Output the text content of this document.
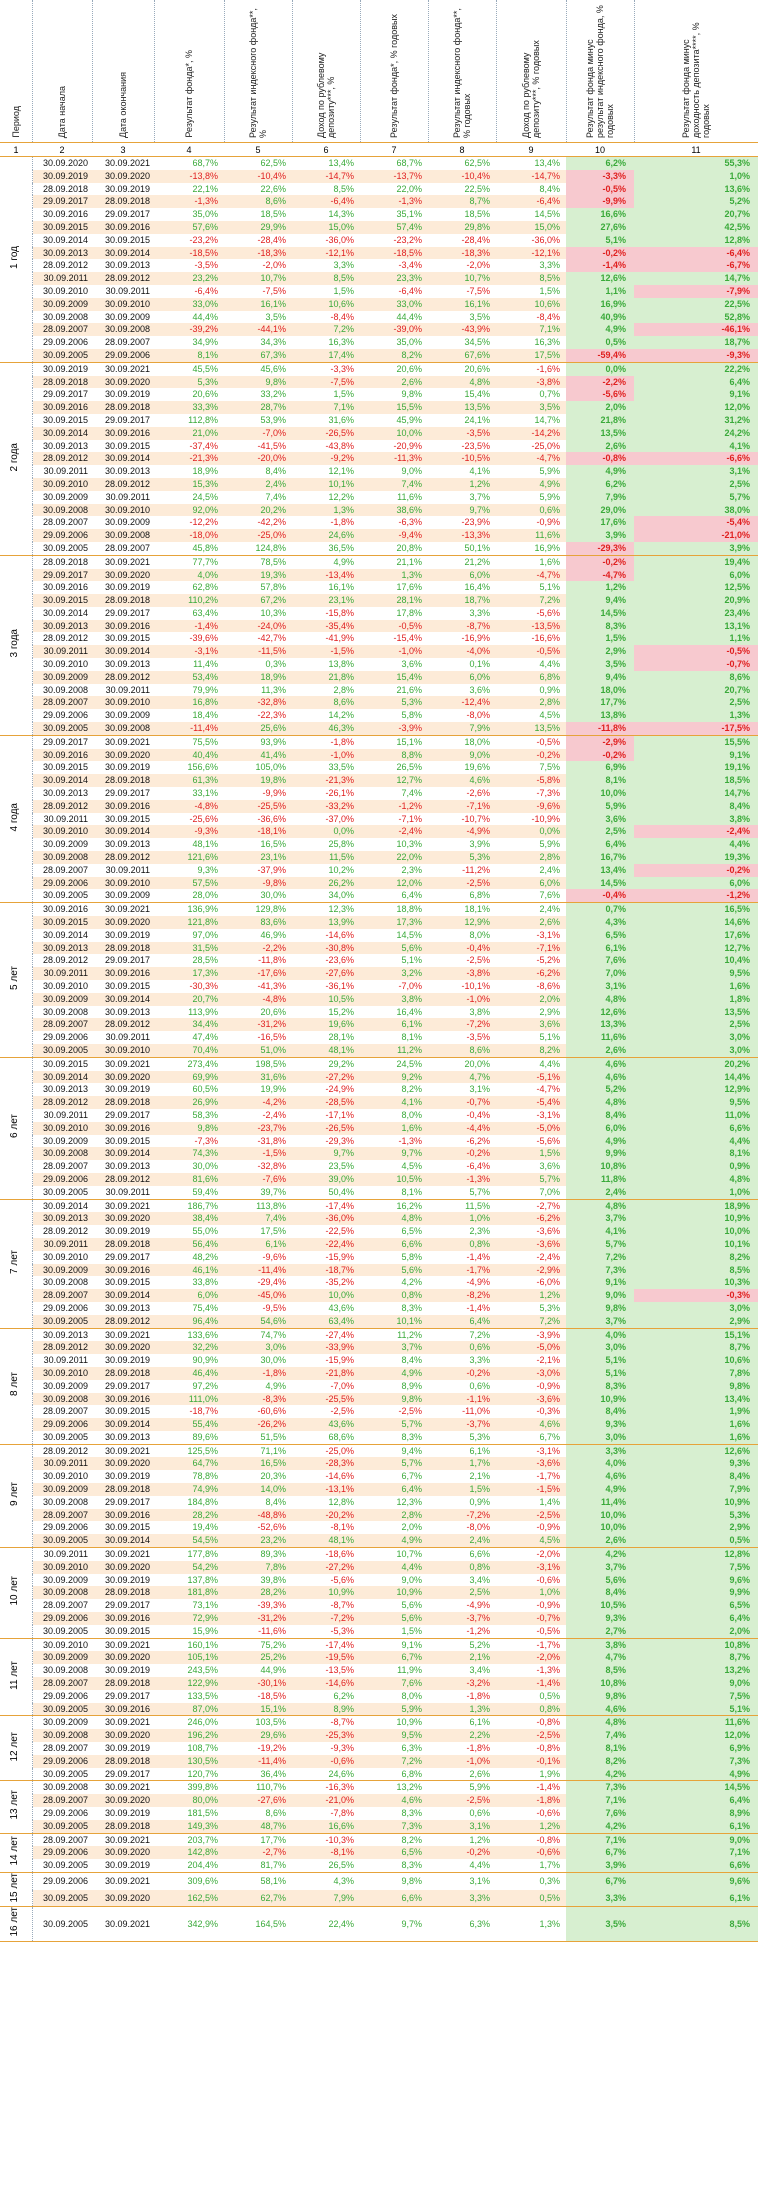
Период	Дата начала	Дата окончания	Результат фонда*, %	Результат индексного фонда**, %	Доход по рублевому депозиту***, %	Результат фонда*, % годовых	Результат индексного фонда**, % годовых	Доход по рублевому депозиту***, % годовых	Результат фонда минус результат индексного фонда, % годовых	Результат фонда минус доходность депозита****, % годовых
1	2	3	4	5	6	7	8	9	10	11
1 год	30.09.2020	30.09.2021	68,7%	62,5%	13,4%	68,7%	62,5%	13,4%	6,2%	55,3%
	30.09.2019	30.09.2020	-13,8%	-10,4%	-14,7%	-13,7%	-10,4%	-14,7%	-3,3%	1,0%
	28.09.2018	30.09.2019	22,1%	22,6%	8,5%	22,0%	22,5%	8,4%	-0,5%	13,6%
	29.09.2017	28.09.2018	-1,3%	8,6%	-6,4%	-1,3%	8,7%	-6,4%	-9,9%	5,2%
	30.09.2016	29.09.2017	35,0%	18,5%	14,3%	35,1%	18,5%	14,5%	16,6%	20,7%
	30.09.2015	30.09.2016	57,6%	29,9%	15,0%	57,4%	29,8%	15,0%	27,6%	42,5%
	30.09.2014	30.09.2015	-23,2%	-28,4%	-36,0%	-23,2%	-28,4%	-36,0%	5,1%	12,8%
	30.09.2013	30.09.2014	-18,5%	-18,3%	-12,1%	-18,5%	-18,3%	-12,1%	-0,2%	-6,4%
	28.09.2012	30.09.2013	-3,5%	-2,0%	3,3%	-3,4%	-2,0%	3,3%	-1,4%	-6,7%
	30.09.2011	28.09.2012	23,2%	10,7%	8,5%	23,3%	10,7%	8,5%	12,6%	14,7%
	30.09.2010	30.09.2011	-6,4%	-7,5%	1,5%	-6,4%	-7,5%	1,5%	1,1%	-7,9%
	30.09.2009	30.09.2010	33,0%	16,1%	10,6%	33,0%	16,1%	10,6%	16,9%	22,5%
	30.09.2008	30.09.2009	44,4%	3,5%	-8,4%	44,4%	3,5%	-8,4%	40,9%	52,8%
	28.09.2007	30.09.2008	-39,2%	-44,1%	7,2%	-39,0%	-43,9%	7,1%	4,9%	-46,1%
	29.09.2006	28.09.2007	34,9%	34,3%	16,3%	35,0%	34,5%	16,3%	0,5%	18,7%
	30.09.2005	29.09.2006	8,1%	67,3%	17,4%	8,2%	67,6%	17,5%	-59,4%	-9,3%
2 года	30.09.2019	30.09.2021	45,5%	45,6%	-3,3%	20,6%	20,6%	-1,6%	0,0%	22,2%
	28.09.2018	30.09.2020	5,3%	9,8%	-7,5%	2,6%	4,8%	-3,8%	-2,2%	6,4%
	29.09.2017	30.09.2019	20,6%	33,2%	1,5%	9,8%	15,4%	0,7%	-5,6%	9,1%
	30.09.2016	28.09.2018	33,3%	28,7%	7,1%	15,5%	13,5%	3,5%	2,0%	12,0%
	30.09.2015	29.09.2017	112,8%	53,9%	31,6%	45,9%	24,1%	14,7%	21,8%	31,2%
	30.09.2014	30.09.2016	21,0%	-7,0%	-26,5%	10,0%	-3,5%	-14,2%	13,5%	24,2%
	30.09.2013	30.09.2015	-37,4%	-41,5%	-43,8%	-20,9%	-23,5%	-25,0%	2,6%	4,1%
	28.09.2012	30.09.2014	-21,3%	-20,0%	-9,2%	-11,3%	-10,5%	-4,7%	-0,8%	-6,6%
	30.09.2011	30.09.2013	18,9%	8,4%	12,1%	9,0%	4,1%	5,9%	4,9%	3,1%
	30.09.2010	28.09.2012	15,3%	2,4%	10,1%	7,4%	1,2%	4,9%	6,2%	2,5%
	30.09.2009	30.09.2011	24,5%	7,4%	12,2%	11,6%	3,7%	5,9%	7,9%	5,7%
	30.09.2008	30.09.2010	92,0%	20,2%	1,3%	38,6%	9,7%	0,6%	29,0%	38,0%
	28.09.2007	30.09.2009	-12,2%	-42,2%	-1,8%	-6,3%	-23,9%	-0,9%	17,6%	-5,4%
	29.09.2006	30.09.2008	-18,0%	-25,0%	24,6%	-9,4%	-13,3%	11,6%	3,9%	-21,0%
	30.09.2005	28.09.2007	45,8%	124,8%	36,5%	20,8%	50,1%	16,9%	-29,3%	3,9%
3 года	28.09.2018	30.09.2021	77,7%	78,5%	4,9%	21,1%	21,2%	1,6%	-0,2%	19,4%
	29.09.2017	30.09.2020	4,0%	19,3%	-13,4%	1,3%	6,0%	-4,7%	-4,7%	6,0%
	30.09.2016	30.09.2019	62,8%	57,8%	16,1%	17,6%	16,4%	5,1%	1,2%	12,5%
	30.09.2015	28.09.2018	110,2%	67,2%	23,1%	28,1%	18,7%	7,2%	9,4%	20,9%
	30.09.2014	29.09.2017	63,4%	10,3%	-15,8%	17,8%	3,3%	-5,6%	14,5%	23,4%
	30.09.2013	30.09.2016	-1,4%	-24,0%	-35,4%	-0,5%	-8,7%	-13,5%	8,3%	13,1%
	28.09.2012	30.09.2015	-39,6%	-42,7%	-41,9%	-15,4%	-16,9%	-16,6%	1,5%	1,1%
	30.09.2011	30.09.2014	-3,1%	-11,5%	-1,5%	-1,0%	-4,0%	-0,5%	2,9%	-0,5%
	30.09.2010	30.09.2013	11,4%	0,3%	13,8%	3,6%	0,1%	4,4%	3,5%	-0,7%
	30.09.2009	28.09.2012	53,4%	18,9%	21,8%	15,4%	6,0%	6,8%	9,4%	8,6%
	30.09.2008	30.09.2011	79,9%	11,3%	2,8%	21,6%	3,6%	0,9%	18,0%	20,7%
	28.09.2007	30.09.2010	16,8%	-32,8%	8,6%	5,3%	-12,4%	2,8%	17,7%	2,5%
	29.09.2006	30.09.2009	18,4%	-22,3%	14,2%	5,8%	-8,0%	4,5%	13,8%	1,3%
	30.09.2005	30.09.2008	-11,4%	25,6%	46,3%	-3,9%	7,9%	13,5%	-11,8%	-17,5%
4 года	29.09.2017	30.09.2021	75,5%	93,9%	-1,8%	15,1%	18,0%	-0,5%	-2,9%	15,5%
	30.09.2016	30.09.2020	40,4%	41,4%	-1,0%	8,8%	9,0%	-0,2%	-0,2%	9,1%
	30.09.2015	30.09.2019	156,6%	105,0%	33,5%	26,5%	19,6%	7,5%	6,9%	19,1%
	30.09.2014	28.09.2018	61,3%	19,8%	-21,3%	12,7%	4,6%	-5,8%	8,1%	18,5%
	30.09.2013	29.09.2017	33,1%	-9,9%	-26,1%	7,4%	-2,6%	-7,3%	10,0%	14,7%
	28.09.2012	30.09.2016	-4,8%	-25,5%	-33,2%	-1,2%	-7,1%	-9,6%	5,9%	8,4%
	30.09.2011	30.09.2015	-25,6%	-36,6%	-37,0%	-7,1%	-10,7%	-10,9%	3,6%	3,8%
	30.09.2010	30.09.2014	-9,3%	-18,1%	0,0%	-2,4%	-4,9%	0,0%	2,5%	-2,4%
	30.09.2009	30.09.2013	48,1%	16,5%	25,8%	10,3%	3,9%	5,9%	6,4%	4,4%
	30.09.2008	28.09.2012	121,6%	23,1%	11,5%	22,0%	5,3%	2,8%	16,7%	19,3%
	28.09.2007	30.09.2011	9,3%	-37,9%	10,2%	2,3%	-11,2%	2,4%	13,4%	-0,2%
	29.09.2006	30.09.2010	57,5%	-9,8%	26,2%	12,0%	-2,5%	6,0%	14,5%	6,0%
	30.09.2005	30.09.2009	28,0%	30,0%	34,0%	6,4%	6,8%	7,6%	-0,4%	-1,2%
5 лет	30.09.2016	30.09.2021	136,9%	129,8%	12,3%	18,8%	18,1%	2,4%	0,7%	16,5%
	30.09.2015	30.09.2020	121,8%	83,6%	13,9%	17,3%	12,9%	2,6%	4,3%	14,6%
	30.09.2014	30.09.2019	97,0%	46,9%	-14,6%	14,5%	8,0%	-3,1%	6,5%	17,6%
	30.09.2013	28.09.2018	31,5%	-2,2%	-30,8%	5,6%	-0,4%	-7,1%	6,1%	12,7%
	28.09.2012	29.09.2017	28,5%	-11,8%	-23,6%	5,1%	-2,5%	-5,2%	7,6%	10,4%
	30.09.2011	30.09.2016	17,3%	-17,6%	-27,6%	3,2%	-3,8%	-6,2%	7,0%	9,5%
	30.09.2010	30.09.2015	-30,3%	-41,3%	-36,1%	-7,0%	-10,1%	-8,6%	3,1%	1,6%
	30.09.2009	30.09.2014	20,7%	-4,8%	10,5%	3,8%	-1,0%	2,0%	4,8%	1,8%
	30.09.2008	30.09.2013	113,9%	20,6%	15,2%	16,4%	3,8%	2,9%	12,6%	13,5%
	28.09.2007	28.09.2012	34,4%	-31,2%	19,6%	6,1%	-7,2%	3,6%	13,3%	2,5%
	29.09.2006	30.09.2011	47,4%	-16,5%	28,1%	8,1%	-3,5%	5,1%	11,6%	3,0%
	30.09.2005	30.09.2010	70,4%	51,0%	48,1%	11,2%	8,6%	8,2%	2,6%	3,0%
6 лет	30.09.2015	30.09.2021	273,4%	198,5%	29,2%	24,5%	20,0%	4,4%	4,6%	20,2%
	30.09.2014	30.09.2020	69,9%	31,6%	-27,2%	9,2%	4,7%	-5,1%	4,6%	14,4%
	30.09.2013	30.09.2019	60,5%	19,9%	-24,9%	8,2%	3,1%	-4,7%	5,2%	12,9%
	28.09.2012	28.09.2018	26,9%	-4,2%	-28,5%	4,1%	-0,7%	-5,4%	4,8%	9,5%
	30.09.2011	29.09.2017	58,3%	-2,4%	-17,1%	8,0%	-0,4%	-3,1%	8,4%	11,0%
	30.09.2010	30.09.2016	9,8%	-23,7%	-26,5%	1,6%	-4,4%	-5,0%	6,0%	6,6%
	30.09.2009	30.09.2015	-7,3%	-31,8%	-29,3%	-1,3%	-6,2%	-5,6%	4,9%	4,4%
	30.09.2008	30.09.2014	74,3%	-1,5%	9,7%	9,7%	-0,2%	1,5%	9,9%	8,1%
	28.09.2007	30.09.2013	30,0%	-32,8%	23,5%	4,5%	-6,4%	3,6%	10,8%	0,9%
	29.09.2006	28.09.2012	81,6%	-7,6%	39,0%	10,5%	-1,3%	5,7%	11,8%	4,8%
	30.09.2005	30.09.2011	59,4%	39,7%	50,4%	8,1%	5,7%	7,0%	2,4%	1,0%
7 лет	30.09.2014	30.09.2021	186,7%	113,8%	-17,4%	16,2%	11,5%	-2,7%	4,8%	18,9%
	30.09.2013	30.09.2020	38,4%	7,4%	-36,0%	4,8%	1,0%	-6,2%	3,7%	10,9%
	28.09.2012	30.09.2019	55,0%	17,5%	-22,5%	6,5%	2,3%	-3,6%	4,1%	10,0%
	30.09.2011	28.09.2018	56,4%	6,1%	-22,4%	6,6%	0,8%	-3,6%	5,7%	10,1%
	30.09.2010	29.09.2017	48,2%	-9,6%	-15,9%	5,8%	-1,4%	-2,4%	7,2%	8,2%
	30.09.2009	30.09.2016	46,1%	-11,4%	-18,7%	5,6%	-1,7%	-2,9%	7,3%	8,5%
	30.09.2008	30.09.2015	33,8%	-29,4%	-35,2%	4,2%	-4,9%	-6,0%	9,1%	10,3%
	28.09.2007	30.09.2014	6,0%	-45,0%	10,0%	0,8%	-8,2%	1,2%	9,0%	-0,3%
	29.09.2006	30.09.2013	75,4%	-9,5%	43,6%	8,3%	-1,4%	5,3%	9,8%	3,0%
	30.09.2005	28.09.2012	96,4%	54,6%	63,4%	10,1%	6,4%	7,2%	3,7%	2,9%
8 лет	30.09.2013	30.09.2021	133,6%	74,7%	-27,4%	11,2%	7,2%	-3,9%	4,0%	15,1%
	28.09.2012	30.09.2020	32,2%	3,0%	-33,9%	3,7%	0,6%	-5,0%	3,0%	8,7%
	30.09.2011	30.09.2019	90,9%	30,0%	-15,9%	8,4%	3,3%	-2,1%	5,1%	10,6%
	30.09.2010	28.09.2018	46,4%	-1,8%	-21,8%	4,9%	-0,2%	-3,0%	5,1%	7,8%
	30.09.2009	29.09.2017	97,2%	4,9%	-7,0%	8,9%	0,6%	-0,9%	8,3%	9,8%
	30.09.2008	30.09.2016	111,0%	-8,3%	-25,5%	9,8%	-1,1%	-3,6%	10,9%	13,4%
	28.09.2007	30.09.2015	-18,7%	-60,6%	-2,5%	-2,5%	-11,0%	-0,3%	8,4%	1,9%
	29.09.2006	30.09.2014	55,4%	-26,2%	43,6%	5,7%	-3,7%	4,6%	9,3%	1,6%
	30.09.2005	30.09.2013	89,6%	51,5%	68,6%	8,3%	5,3%	6,7%	3,0%	1,6%
9 лет	28.09.2012	30.09.2021	125,5%	71,1%	-25,0%	9,4%	6,1%	-3,1%	3,3%	12,6%
	30.09.2011	30.09.2020	64,7%	16,5%	-28,3%	5,7%	1,7%	-3,6%	4,0%	9,3%
	30.09.2010	30.09.2019	78,8%	20,3%	-14,6%	6,7%	2,1%	-1,7%	4,6%	8,4%
	30.09.2009	28.09.2018	74,9%	14,0%	-13,1%	6,4%	1,5%	-1,5%	4,9%	7,9%
	30.09.2008	29.09.2017	184,8%	8,4%	12,8%	12,3%	0,9%	1,4%	11,4%	10,9%
	28.09.2007	30.09.2016	28,2%	-48,8%	-20,2%	2,8%	-7,2%	-2,5%	10,0%	5,3%
	29.09.2006	30.09.2015	19,4%	-52,6%	-8,1%	2,0%	-8,0%	-0,9%	10,0%	2,9%
	30.09.2005	30.09.2014	54,5%	23,2%	48,1%	4,9%	2,4%	4,5%	2,6%	0,5%
10 лет	30.09.2011	30.09.2021	177,8%	89,3%	-18,6%	10,7%	6,6%	-2,0%	4,2%	12,8%
	30.09.2010	30.09.2020	54,2%	7,8%	-27,2%	4,4%	0,8%	-3,1%	3,7%	7,5%
	30.09.2009	30.09.2019	137,8%	39,8%	-5,6%	9,0%	3,4%	-0,6%	5,6%	9,6%
	30.09.2008	28.09.2018	181,8%	28,2%	10,9%	10,9%	2,5%	1,0%	8,4%	9,9%
	28.09.2007	29.09.2017	73,1%	-39,3%	-8,7%	5,6%	-4,9%	-0,9%	10,5%	6,5%
	29.09.2006	30.09.2016	72,9%	-31,2%	-7,2%	5,6%	-3,7%	-0,7%	9,3%	6,4%
	30.09.2005	30.09.2015	15,9%	-11,6%	-5,3%	1,5%	-1,2%	-0,5%	2,7%	2,0%
11 лет	30.09.2010	30.09.2021	160,1%	75,2%	-17,4%	9,1%	5,2%	-1,7%	3,8%	10,8%
	30.09.2009	30.09.2020	105,1%	25,2%	-19,5%	6,7%	2,1%	-2,0%	4,7%	8,7%
	30.09.2008	30.09.2019	243,5%	44,9%	-13,5%	11,9%	3,4%	-1,3%	8,5%	13,2%
	28.09.2007	28.09.2018	122,9%	-30,1%	-14,6%	7,6%	-3,2%	-1,4%	10,8%	9,0%
	29.09.2006	29.09.2017	133,5%	-18,5%	6,2%	8,0%	-1,8%	0,5%	9,8%	7,5%
	30.09.2005	30.09.2016	87,0%	15,1%	8,9%	5,9%	1,3%	0,8%	4,6%	5,1%
12 лет	30.09.2009	30.09.2021	246,0%	103,5%	-8,7%	10,9%	6,1%	-0,8%	4,8%	11,6%
	30.09.2008	30.09.2020	196,2%	29,6%	-25,3%	9,5%	2,2%	-2,5%	7,4%	12,0%
	28.09.2007	30.09.2019	108,7%	-19,2%	-9,3%	6,3%	-1,8%	-0,8%	8,1%	6,9%
	29.09.2006	28.09.2018	130,5%	-11,4%	-0,6%	7,2%	-1,0%	-0,1%	8,2%	7,3%
	30.09.2005	29.09.2017	120,7%	36,4%	24,6%	6,8%	2,6%	1,9%	4,2%	4,9%
13 лет	30.09.2008	30.09.2021	399,8%	110,7%	-16,3%	13,2%	5,9%	-1,4%	7,3%	14,5%
	28.09.2007	30.09.2020	80,0%	-27,6%	-21,0%	4,6%	-2,5%	-1,8%	7,1%	6,4%
	29.09.2006	30.09.2019	181,5%	8,6%	-7,8%	8,3%	0,6%	-0,6%	7,6%	8,9%
	30.09.2005	28.09.2018	149,3%	48,7%	16,6%	7,3%	3,1%	1,2%	4,2%	6,1%
14 лет	28.09.2007	30.09.2021	203,7%	17,7%	-10,3%	8,2%	1,2%	-0,8%	7,1%	9,0%
	29.09.2006	30.09.2020	142,8%	-2,7%	-8,1%	6,5%	-0,2%	-0,6%	6,7%	7,1%
	30.09.2005	30.09.2019	204,4%	81,7%	26,5%	8,3%	4,4%	1,7%	3,9%	6,6%
15 лет	29.09.2006	30.09.2021	309,6%	58,1%	4,3%	9,8%	3,1%	0,3%	6,7%	9,6%
	30.09.2005	30.09.2020	162,5%	62,7%	7,9%	6,6%	3,3%	0,5%	3,3%	6,1%
16 лет	30.09.2005	30.09.2021	342,9%	164,5%	22,4%	9,7%	6,3%	1,3%	3,5%	8,5%
